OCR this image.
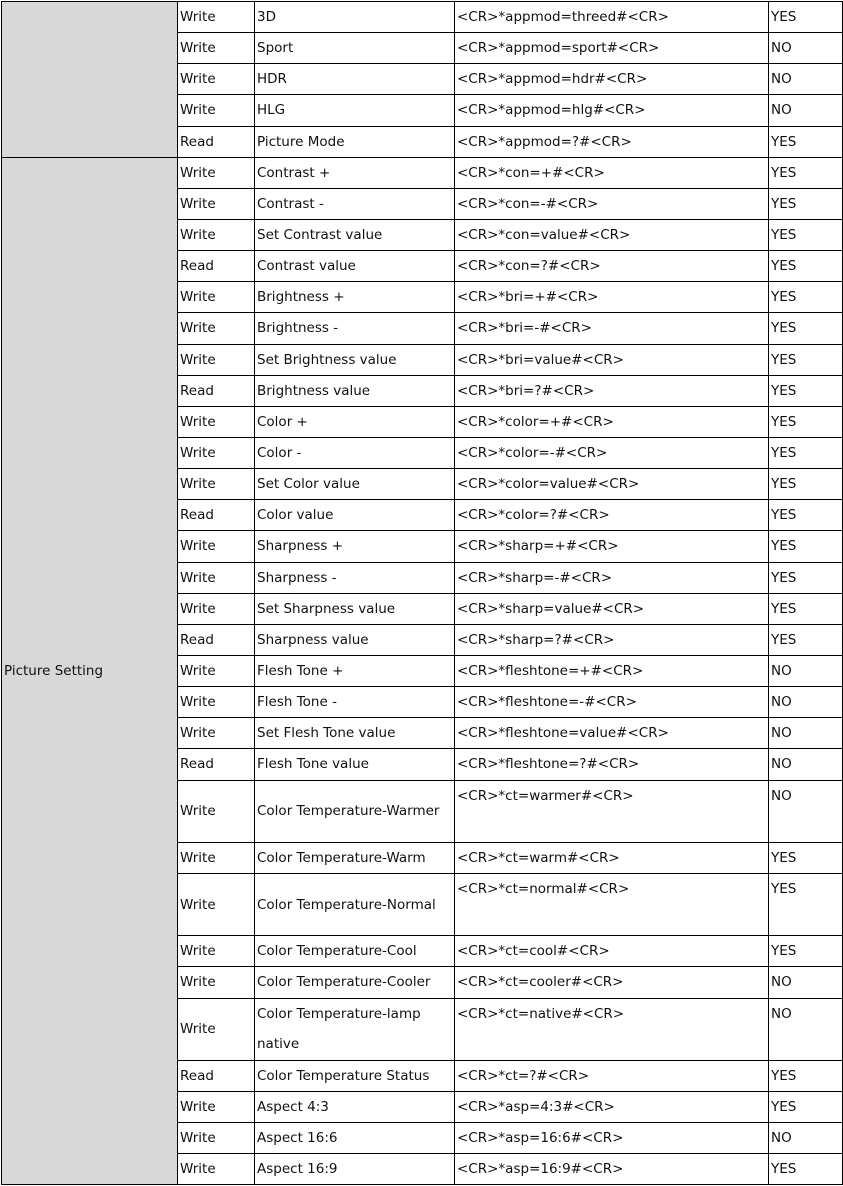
	Write	3D	<CR>*appmod=threed#<CR>	YES
	Write	Sport	<CR>*appmod=sport#<CR>	NO
	Write	HDR	<CR>*appmod=hdr#<CR>	NO
	Write	HLG	<CR>*appmod=hlg#<CR>	NO
	Read	Picture Mode	<CR>*appmod=?#<CR>	YES
Picture Setting	Write	Contrast +	<CR>*con=+#<CR>	YES
	Write	Contrast -	<CR>*con=-#<CR>	YES
	Write	Set Contrast value	<CR>*con=value#<CR>	YES
	Read	Contrast value	<CR>*con=?#<CR>	YES
	Write	Brightness +	<CR>*bri=+#<CR>	YES
	Write	Brightness -	<CR>*bri=-#<CR>	YES
	Write	Set Brightness value	<CR>*bri=value#<CR>	YES
	Read	Brightness value	<CR>*bri=?#<CR>	YES
	Write	Color +	<CR>*color=+#<CR>	YES
	Write	Color -	<CR>*color=-#<CR>	YES
	Write	Set Color value	<CR>*color=value#<CR>	YES
	Read	Color value	<CR>*color=?#<CR>	YES
	Write	Sharpness +	<CR>*sharp=+#<CR>	YES
	Write	Sharpness -	<CR>*sharp=-#<CR>	YES
	Write	Set Sharpness value	<CR>*sharp=value#<CR>	YES
	Read	Sharpness value	<CR>*sharp=?#<CR>	YES
	Write	Flesh Tone +	<CR>*fleshtone=+#<CR>	NO
	Write	Flesh Tone -	<CR>*fleshtone=-#<CR>	NO
	Write	Set Flesh Tone value	<CR>*fleshtone=value#<CR>	NO
	Read	Flesh Tone value	<CR>*fleshtone=?#<CR>	NO
	Write	Color Temperature-Warmer	<CR>*ct=warmer#<CR>	NO
	Write	Color Temperature-Warm	<CR>*ct=warm#<CR>	YES
	Write	Color Temperature-Normal	<CR>*ct=normal#<CR>	YES
	Write	Color Temperature-Cool	<CR>*ct=cool#<CR>	YES
	Write	Color Temperature-Cooler	<CR>*ct=cooler#<CR>	NO
	Write	Color Temperature-lamp native	<CR>*ct=native#<CR>	NO
	Read	Color Temperature Status	<CR>*ct=?#<CR>	YES
	Write	Aspect 4:3	<CR>*asp=4:3#<CR>	YES
	Write	Aspect 16:6	<CR>*asp=16:6#<CR>	NO
	Write	Aspect 16:9	<CR>*asp=16:9#<CR>	YES
